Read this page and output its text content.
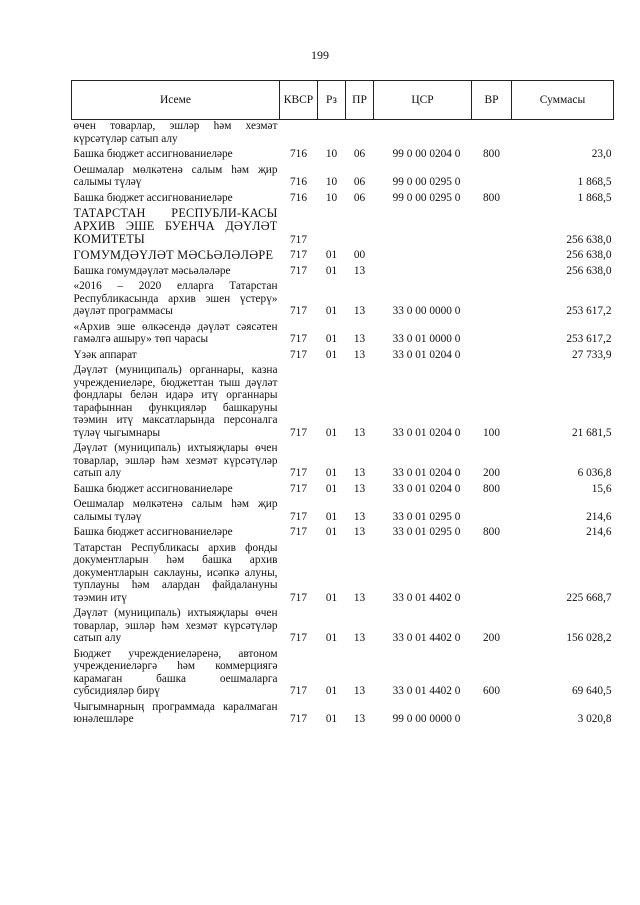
199
Исеме	КВСР	Рз	ПР	ЦСР	ВР	Суммасы
өчен товарлар, эшләр һәм хезмәт күрсәтүләр сатып алу						
Башка бюджет ассигнованиеләре	716	10	06	99 0 00 0204 0	800	23,0
Оешмалар мөлкәтенә салым һәм җир салымы түләү	716	10	06	99 0 00 0295 0		1 868,5
Башка бюджет ассигнованиеләре	716	10	06	99 0 00 0295 0	800	1 868,5
ТАТАРСТАН РЕСПУБЛИ-КАСЫ АРХИВ ЭШЕ БУЕНЧА ДӘҮЛӘТ КОМИТЕТЫ	717					256 638,0
ГОМУМДӘҮЛӘТ МӘСЬӘЛӘЛӘРЕ	717	01	00			256 638,0
Башка гомумдәүләт мәсьәләләре	717	01	13			256 638,0
«2016 – 2020 елларга Татарстан Республикасында архив эшен үстерү» дәүләт программасы	717	01	13	33 0 00 0000 0		253 617,2
«Архив эше өлкәсендә дәүләт сәясәтен гамәлгә ашыру» төп чарасы	717	01	13	33 0 01 0000 0		253 617,2
Үзәк аппарат	717	01	13	33 0 01 0204 0		27 733,9
Дәүләт (муниципаль) органнары, казна учреждениеләре, бюджеттан тыш дәүләт фондлары белән идарә итү органнары тарафыннан функцияләр башкаруны тәэмин итү максатларында персоналга түләү чыгымнары	717	01	13	33 0 01 0204 0	100	21 681,5
Дәүләт (муниципаль) ихтыяҗлары өчен товарлар, эшләр һәм хезмәт күрсәтүләр сатып алу	717	01	13	33 0 01 0204 0	200	6 036,8
Башка бюджет ассигнованиеләре	717	01	13	33 0 01 0204 0	800	15,6
Оешмалар мөлкәтенә салым һәм җир салымы түләү	717	01	13	33 0 01 0295 0		214,6
Башка бюджет ассигнованиеләре	717	01	13	33 0 01 0295 0	800	214,6
Татарстан Республикасы архив фонды документларын һәм башка архив документларын саклауны, исәпкә алуны, туплауны һәм алардан файдалануны тәэмин итү	717	01	13	33 0 01 4402 0		225 668,7
Дәүләт (муниципаль) ихтыяҗлары өчен товарлар, эшләр һәм хезмәт күрсәтүләр сатып алу	717	01	13	33 0 01 4402 0	200	156 028,2
Бюджет учреждениеләренә, автоном учреждениеләргә һәм коммерциягә карамаган башка оешмаларга субсидияләр бирү	717	01	13	33 0 01 4402 0	600	69 640,5
Чыгымнарның программада каралмаган юнәлешләре	717	01	13	99 0 00 0000 0		3 020,8
